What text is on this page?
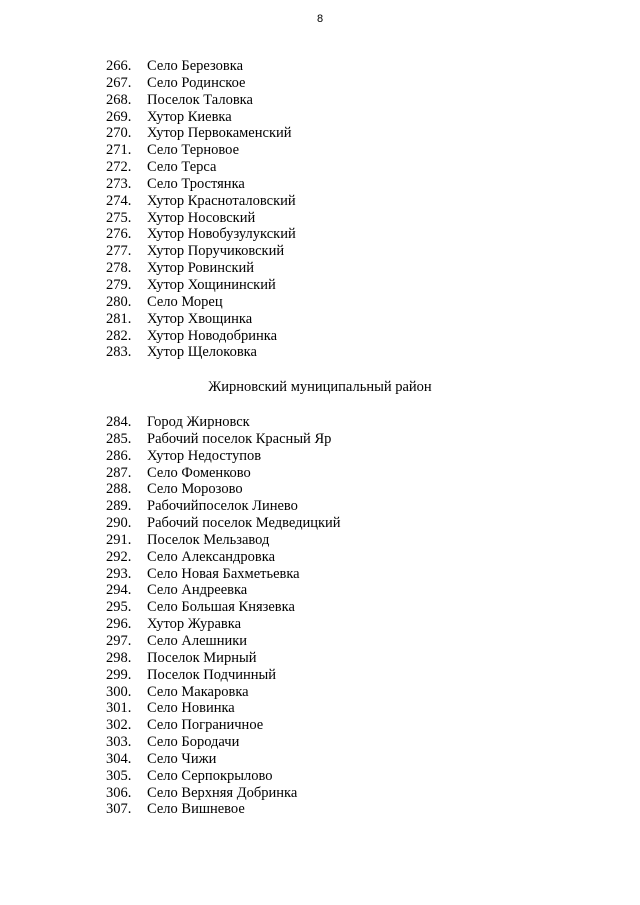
8
266.	Село Березовка
267.	Село Родинское
268.	Поселок Таловка
269.	Хутор Киевка
270.	Хутор Первокаменский
271.	Село Терновое
272.	Село Терса
273.	Село Тростянка
274.	Хутор Красноталовский
275.	Хутор Носовский
276.	Хутор Новобузулукский
277.	Хутор Поручиковский
278.	Хутор Ровинский
279.	Хутор Хощининский
280.	Село Морец
281.	Хутор Хвощинка
282.	Хутор Новодобринка
283.	Хутор Щелоковка
Жирновский муниципальный район
284.	Город Жирновск
285.	Рабочий поселок Красный Яр
286.	Хутор Недоступов
287.	Село Фоменково
288.	Село Морозово
289.	Рабочийпоселок Линево
290.	Рабочий поселок Медведицкий
291.	Поселок Мельзавод
292.	Село Александровка
293.	Село Новая Бахметьевка
294.	Село Андреевка
295.	Село Большая Князевка
296.	Хутор Журавка
297.	Село Алешники
298.	Поселок Мирный
299.	Поселок Подчинный
300.	Село Макаровка
301.	Село Новинка
302.	Село Пограничное
303.	Село Бородачи
304.	Село Чижи
305.	Село Серпокрылово
306.	Село Верхняя Добринка
307.	Село Вишневое
